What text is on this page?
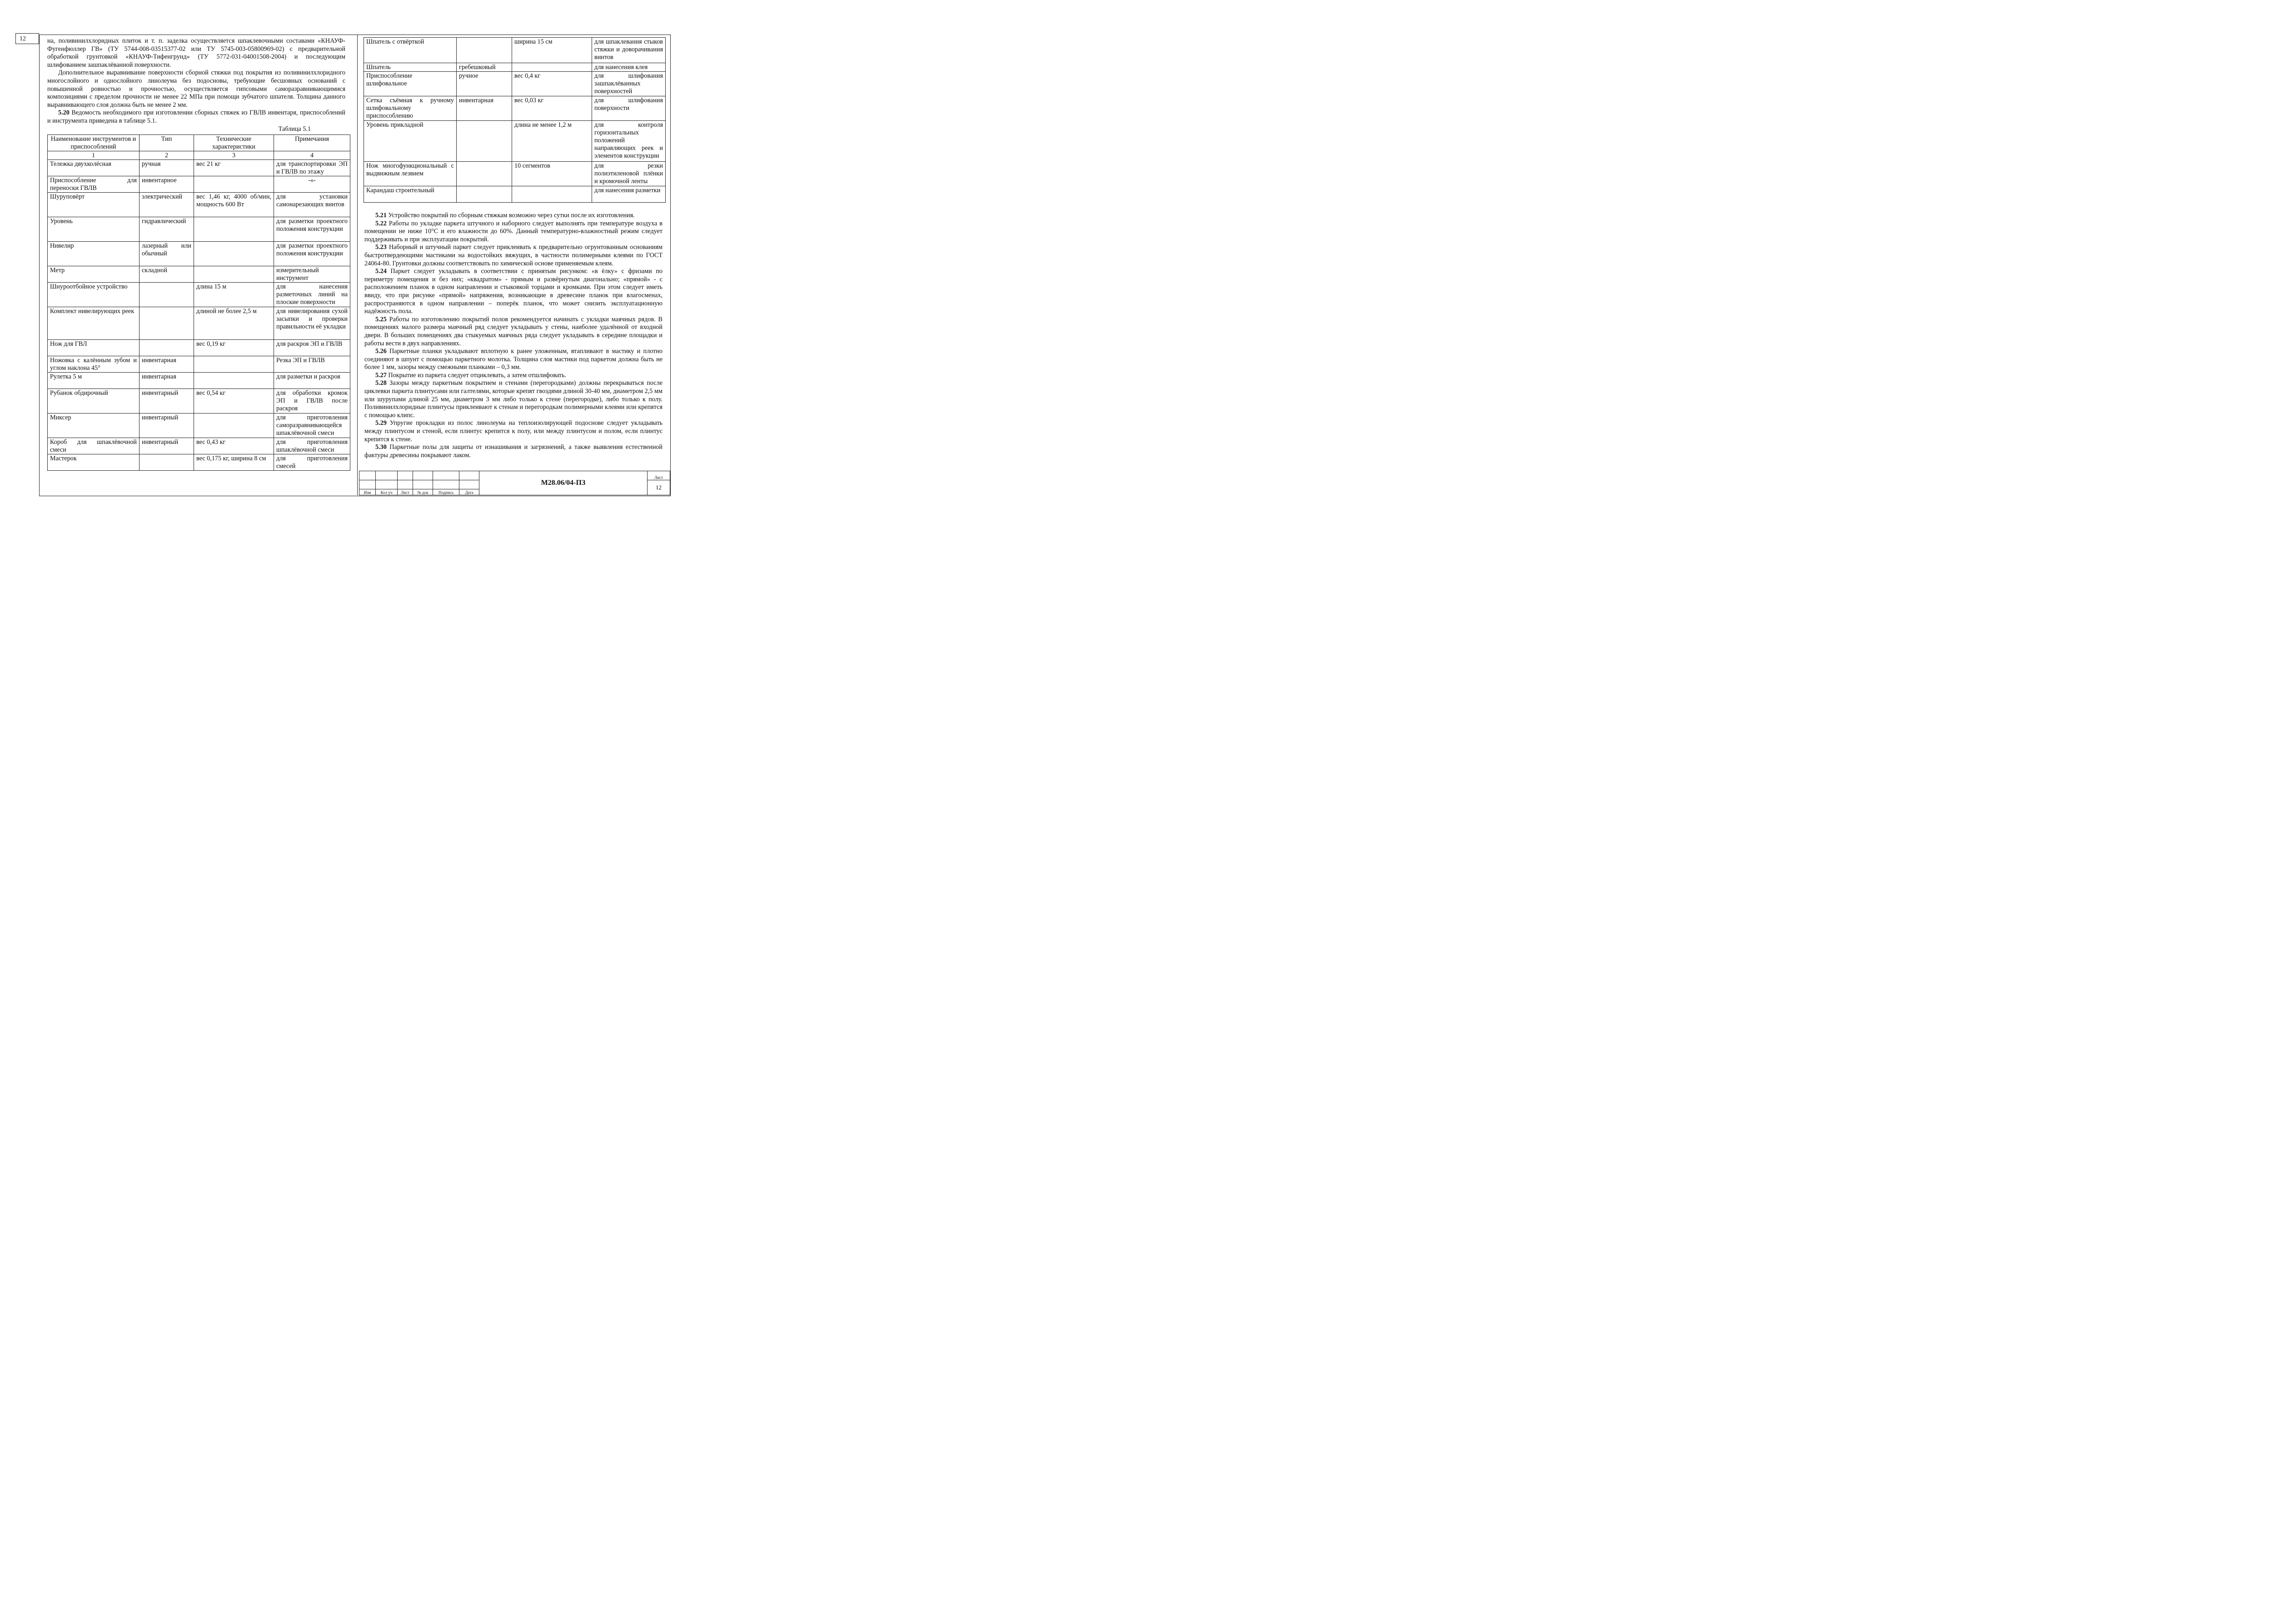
12	на, поливинилхлоридных плиток и т. п. заделка осуществляется шпаклевочными составами «КНАУФ-Фугенфюллер ГВ» (ТУ 5744-008-03515377-02 или ТУ 5745-003-05800969-02) с предварительной обработкой грунтовкой «КНАУФ-Тифенгрунд» (ТУ 5772-031-04001508-2004) и последующим шлифованием зашпаклёванной поверхности.

Дополнительное выравнивание поверхности сборной стяжки под покрытия из поливинилхлоридного многослойного и однослойного линолеума без подосновы, требующие бесшовных оснований с повышенной ровностью и прочностью, осуществляется гипсовыми саморазравнивающимися композициями с пределом прочности не менее 22 МПа при помощи зубчатого шпателя. Толщина данного выравнивающего слоя должна быть не менее 2 мм.

5.20 Ведомость необходимого при изготовлении сборных стяжек из ГВЛВ инвентаря, приспособлений и инструмента приведена в таблице 5.1.

Таблица 5.1

Наименование инструментов и приспособлений	Тип	Технические характеристики	Примечания
1	2	3	4
Тележка двухколёсная	ручная	вес 21 кг	для транспортировки ЭП и ГВЛВ по этажу
Приспособление для переноски ГВЛВ	инвентарное		-«-
Шуруповёрт	электрический	вес 1,46 кг, 4000 об/мин, мощность 600 Вт	для установки самонарезающих винтов
Уровень	гидравлический		для разметки проектного положения конструкции
Нивелир	лазерный или обычный		для разметки проектного положения конструкции
Метр	складной		измерительный инструмент
Шнуроотбойное устройство		длина 15 м	для нанесения разметочных линий на плоские поверхности
Комплект нивелирующих реек		длиной не более 2,5 м	для нивелирования сухой засыпки и проверки правильности её укладки
Нож для ГВЛ		вес 0,19 кг	для раскроя ЭП и ГВЛВ
Ножовка с калённым зубом и углом наклона 45°	инвентарная		Резка ЭП и ГВЛВ
Рулетка 5 м	инвентарная		для разметки и раскроя
Рубанок обдирочный	инвентарный	вес 0,54 кг	для обработки кромок ЭП и ГВЛВ после раскроя
Миксер	инвентарный		для приготовления саморазравнивающейся шпаклёвочной смеси
Короб для шпаклёвочной смеси	инвентарный	вес 0,43 кг	для приготовления шпаклёвочной смеси
Мастерок		вес 0,175 кг, ширина 8 см	для приготовления смесей
Шпатель с отвёрткой		ширина 15 см	для шпаклевания стыков стяжки и доворачивания винтов
Шпатель	гребешковый		для нанесения клея
Приспособление шлифовальное	ручное	вес 0,4 кг	для шлифования зашпаклёванных поверхностей
Сетка съёмная к ручному шлифовальному приспособлению	инвентарная	вес 0,03 кг	для шлифования поверхности
Уровень прикладной		длина не менее 1,2 м	для контроля горизонтальных положений направляющих реек и элементов конструкции
Нож многофункциональный с выдвижным лезвием		10 сегментов	для резки полиэтиленовой плёнки и кромочной ленты
Карандаш строительный			для нанесения разметки

5.21 Устройство покрытий по сборным стяжкам возможно через сутки после их изготовления.

5.22 Работы по укладке паркета штучного и наборного следует выполнять при температуре воздуха в помещении не ниже 10°С и его влажности до 60%. Данный температурно-влажностный режим следует поддерживать и при эксплуатации покрытий.

5.23 Наборный и штучный паркет следует приклеивать к предварительно огрунтованным основаниям быстротвердеющими мастиками на водостойких вяжущих, в частности полимерными клеями по ГОСТ 24064-80. Грунтовки должны соответствовать по химической основе применяемым клеям.

5.24 Паркет следует укладывать в соответствии с принятым рисунком: «в ёлку» с фризами по периметру помещения и без них; «квадратом» - прямым и развёрнутым диагонально; «прямой» - с расположением планок в одном направлении и стыковкой торцами и кромками. При этом следует иметь ввиду, что при рисунке «прямой» напряжения, возникающие в древесине планок при влагосменах, распространяются в одном направлении – поперёк планок, что может снизить эксплуатационную надёжность пола.

5.25 Работы по изготовлению покрытий полов рекомендуется начинать с укладки маячных рядов. В помещениях малого размера маячный ряд следует укладывать у стены, наиболее удалённой от входной двери. В больших помещениях два стыкуемых маячных ряда следует укладывать в середине площадки и работы вести в двух направлениях.

5.26 Паркетные планки укладывают вплотную к ранее уложенным, втапливают в мастику и плотно соединяют в шпунт с помощью паркетного молотка. Толщина слоя мастики под паркетом должна быть не более 1 мм, зазоры между смежными планками – 0,3 мм.

5.27 Покрытие из паркета следует отциклевать, а затем отшлифовать.

5.28 Зазоры между паркетным покрытием и стенами (перегородками) должны перекрываться после циклевки паркета плинтусами или галтелями, которые крепят гвоздями длиной 30-40 мм, диаметром 2,5 мм или шурупами длиной 25 мм, диаметром 3 мм либо только к стене (перегородке), либо только к полу. Поливинилхлоридные плинтусы приклеивают к стенам и перегородкам полимерными клеями или крепятся с помощью клипс.

5.29 Упругие прокладки из полос линолеума на теплоизолирующей подоснове следует укладывать между плинтусом и стеной, если плинтус крепится к полу, или между плинтусом и полом, если плинтус крепится к стене.

5.30 Паркетные полы для защиты от изнашивания и загрязнений, а также выявления естественной фактуры древесины покрывают лаком.

						М28.06/04-ПЗ	Лист
							12
Изм	Кол уч	Лист	№ док	Подпись	Дата		
